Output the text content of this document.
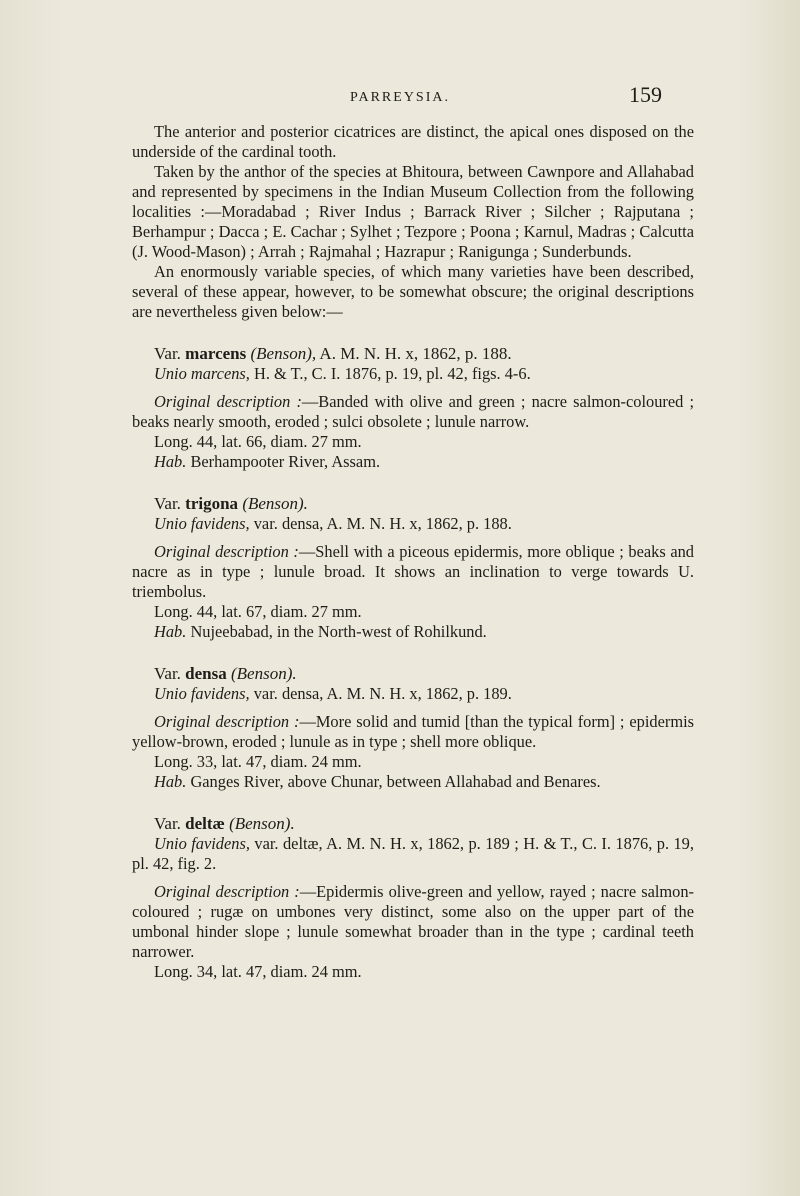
PARREYSIA.	159

The anterior and posterior cicatrices are distinct, the apical ones disposed on the underside of the cardinal tooth.

Taken by the anthor of the species at Bhitoura, between Cawnpore and Allahabad and represented by specimens in the Indian Museum Collection from the following localities :—Moradabad ; River Indus ; Barrack River ; Silcher ; Rajputana ; Berhampur ; Dacca ; E. Cachar ; Sylhet ; Tezpore ; Poona ; Karnul, Madras ; Calcutta (J. Wood-Mason) ; Arrah ; Rajmahal ; Hazrapur ; Ranigunga ; Sunderbunds.

An enormously variable species, of which many varieties have been described, several of these appear, however, to be somewhat obscure; the original descriptions are nevertheless given below:—

Var. marcens (Benson), A. M. N. H. x, 1862, p. 188.

Unio marcens, H. & T., C. I. 1876, p. 19, pl. 42, figs. 4-6.

Original description :—Banded with olive and green ; nacre salmon-coloured ; beaks nearly smooth, eroded ; sulci obsolete ; lunule narrow.

Long. 44, lat. 66, diam. 27 mm.

Hab. Berhampooter River, Assam.

Var. trigona (Benson).

Unio favidens, var. densa, A. M. N. H. x, 1862, p. 188.

Original description :—Shell with a piceous epidermis, more oblique ; beaks and nacre as in type ; lunule broad. It shows an inclination to verge towards U. triembolus.

Long. 44, lat. 67, diam. 27 mm.

Hab. Nujeebabad, in the North-west of Rohilkund.

Var. densa (Benson).

Unio favidens, var. densa, A. M. N. H. x, 1862, p. 189.

Original description :—More solid and tumid [than the typical form] ; epidermis yellow-brown, eroded ; lunule as in type ; shell more oblique.

Long. 33, lat. 47, diam. 24 mm.

Hab. Ganges River, above Chunar, between Allahabad and Benares.

Var. deltæ (Benson).

Unio favidens, var. deltæ, A. M. N. H. x, 1862, p. 189 ; H. & T., C. I. 1876, p. 19, pl. 42, fig. 2.

Original description :—Epidermis olive-green and yellow, rayed ; nacre salmon-coloured ; rugæ on umbones very distinct, some also on the upper part of the umbonal hinder slope ; lunule somewhat broader than in the type ; cardinal teeth narrower.

Long. 34, lat. 47, diam. 24 mm.
